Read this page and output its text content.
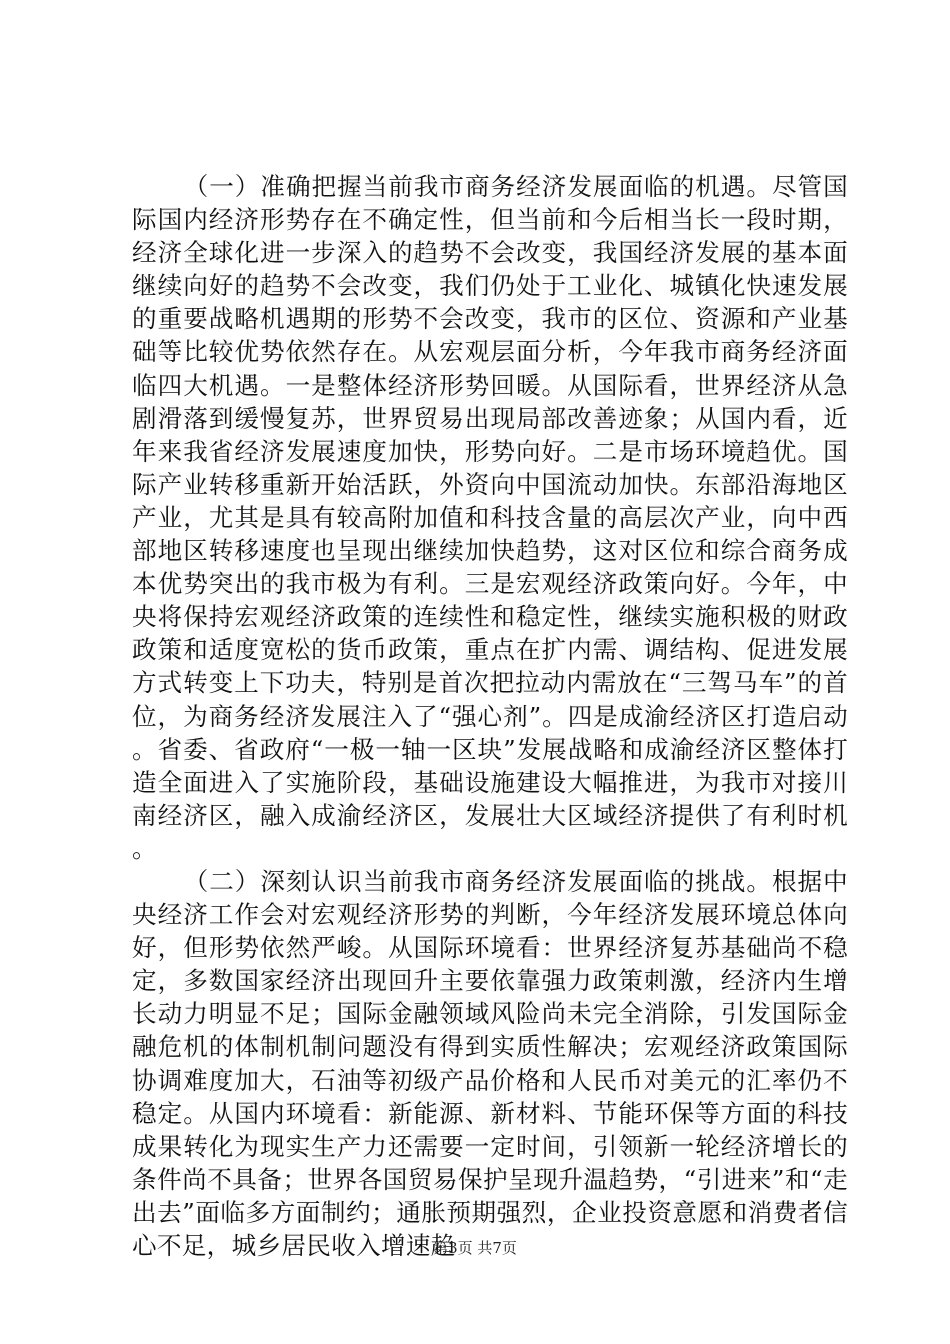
（一）准确把握当前我市商务经济发展面临的机遇。尽管国际国内经济形势存在不确定性，但当前和今后相当长一段时期，经济全球化进一步深入的趋势不会改变，我国经济发展的基本面继续向好的趋势不会改变，我们仍处于工业化、城镇化快速发展的重要战略机遇期的形势不会改变，我市的区位、资源和产业基础等比较优势依然存在。从宏观层面分析，今年我市商务经济面临四大机遇。一是整体经济形势回暖。从国际看，世界经济从急剧滑落到缓慢复苏，世界贸易出现局部改善迹象；从国内看，近年来我省经济发展速度加快，形势向好。二是市场环境趋优。国际产业转移重新开始活跃，外资向中国流动加快。东部沿海地区产业，尤其是具有较高附加值和科技含量的高层次产业，向中西部地区转移速度也呈现出继续加快趋势，这对区位和综合商务成本优势突出的我市极为有利。三是宏观经济政策向好。今年，中央将保持宏观经济政策的连续性和稳定性，继续实施积极的财政政策和适度宽松的货币政策，重点在扩内需、调结构、促进发展方式转变上下功夫，特别是首次把拉动内需放在“三驾马车”的首位，为商务经济发展注入了“强心剂”。四是成渝经济区打造启动。省委、省政府“一极一轴一区块”发展战略和成渝经济区整体打造全面进入了实施阶段，基础设施建设大幅推进，为我市对接川南经济区，融入成渝经济区，发展壮大区域经济提供了有利时机。

（二）深刻认识当前我市商务经济发展面临的挑战。根据中央经济工作会对宏观经济形势的判断，今年经济发展环境总体向好，但形势依然严峻。从国际环境看：世界经济复苏基础尚不稳定，多数国家经济出现回升主要依靠强力政策刺激，经济内生增长动力明显不足；国际金融领域风险尚未完全消除，引发国际金融危机的体制机制问题没有得到实质性解决；宏观经济政策国际协调难度加大，石油等初级产品价格和人民币对美元的汇率仍不稳定。从国内环境看：新能源、新材料、节能环保等方面的科技成果转化为现实生产力还需要一定时间，引领新一轮经济增长的条件尚不具备；世界各国贸易保护呈现升温趋势，“引进来”和“走出去”面临多方面制约；通胀预期强烈，企业投资意愿和消费者信心不足，城乡居民收入增速趋

第3页 共7页
